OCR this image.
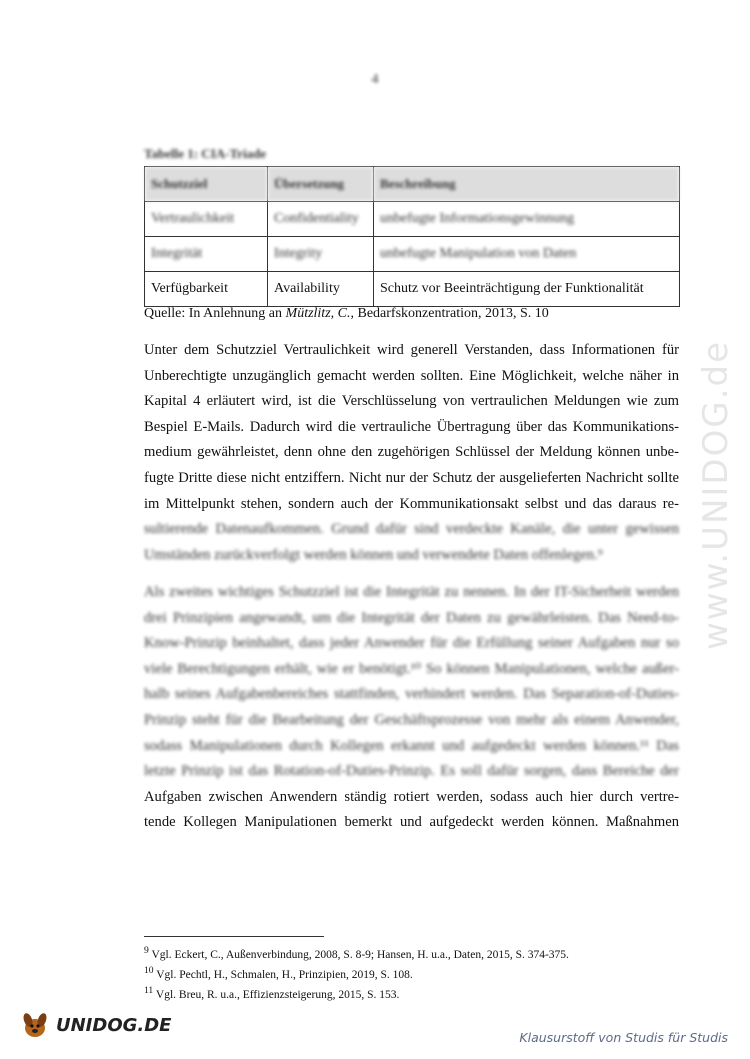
4
Tabelle 1: CIA-Triade
Schutzziel	Übersetzung	Beschreibung
Vertraulichkeit	Confidentiality	unbefugte Informationsgewinnung
Integrität	Integrity	unbefugte Manipulation von Daten
Verfügbarkeit	Availability	Schutz vor Beeinträchtigung der Funktionalität
Quelle: In Anlehnung an Mützlitz, C., Bedarfskonzentration, 2013, S. 10
Unter dem Schutzziel Vertraulichkeit wird generell Verstanden, dass Informationen für
Unberechtigte unzugänglich gemacht werden sollten. Eine Möglichkeit, welche näher in
Kapital 4 erläutert wird, ist die Verschlüsselung von vertraulichen Meldungen wie zum
Bespiel E-Mails. Dadurch wird die vertrauliche Übertragung über das Kommunikations-
medium gewährleistet, denn ohne den zugehörigen Schlüssel der Meldung können unbe-
fugte Dritte diese nicht entziffern. Nicht nur der Schutz der ausgelieferten Nachricht sollte
im Mittelpunkt stehen, sondern auch der Kommunikationsakt selbst und das daraus re-
sultierende Datenaufkommen. Grund dafür sind verdeckte Kanäle, die unter gewissen
Umständen zurückverfolgt werden können und verwendete Daten offenlegen.⁹
Als zweites wichtiges Schutzziel ist die Integrität zu nennen. In der IT-Sicherheit werden
drei Prinzipien angewandt, um die Integrität der Daten zu gewährleisten. Das Need-to-
Know-Prinzip beinhaltet, dass jeder Anwender für die Erfüllung seiner Aufgaben nur so
viele Berechtigungen erhält, wie er benötigt.¹⁰ So können Manipulationen, welche außer-
halb seines Aufgabenbereiches stattfinden, verhindert werden. Das Separation-of-Duties-
Prinzip steht für die Bearbeitung der Geschäftsprozesse von mehr als einem Anwender,
sodass Manipulationen durch Kollegen erkannt und aufgedeckt werden können.¹¹ Das
letzte Prinzip ist das Rotation-of-Duties-Prinzip. Es soll dafür sorgen, dass Bereiche der
Aufgaben zwischen Anwendern ständig rotiert werden, sodass auch hier durch vertre-
tende Kollegen Manipulationen bemerkt und aufgedeckt werden können. Maßnahmen
www.UNIDOG.de
$^9$ Vgl. Eckert, C., Außenverbindung, 2008, S. 8-9; Hansen, H. u.a., Daten, 2015, S. 374-375.
$^{10}$ Vgl. Pechtl, H., Schmalen, H., Prinzipien, 2019, S. 108.
$^{11}$ Vgl. Breu, R. u.a., Effizienzsteigerung, 2015, S. 153.
UNIDOG.DE
Klausurstoff von Studis für Studis
